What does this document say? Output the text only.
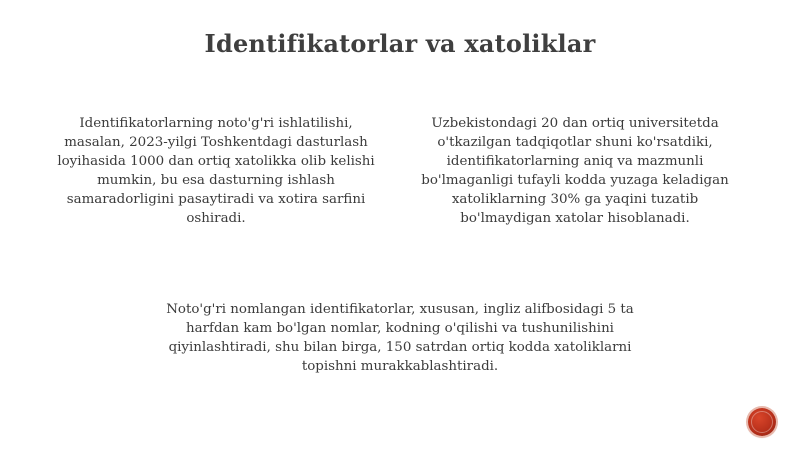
Identifikatorlar va xatoliklar
Identifikatorlarning noto'g'ri ishlatilishi, masalan, 2023-yilgi Toshkentdagi dasturlash loyihasida 1000 dan ortiq xatolikka olib kelishi mumkin, bu esa dasturning ishlash samaradorligini pasaytiradi va xotira sarfini oshiradi.
Uzbekistondagi 20 dan ortiq universitetda o'tkazilgan tadqiqotlar shuni ko'rsatdiki, identifikatorlarning aniq va mazmunli bo'lmaganligi tufayli kodda yuzaga keladigan xatoliklarning 30% ga yaqini tuzatib bo'lmaydigan xatolar hisoblanadi.
Noto'g'ri nomlangan identifikatorlar, xususan, ingliz alifbosidagi 5 ta harfdan kam bo'lgan nomlar, kodning o'qilishi va tushunilishini qiyinlashtiradi, shu bilan birga, 150 satrdan ortiq kodda xatoliklarni topishni murakkablashtiradi.
